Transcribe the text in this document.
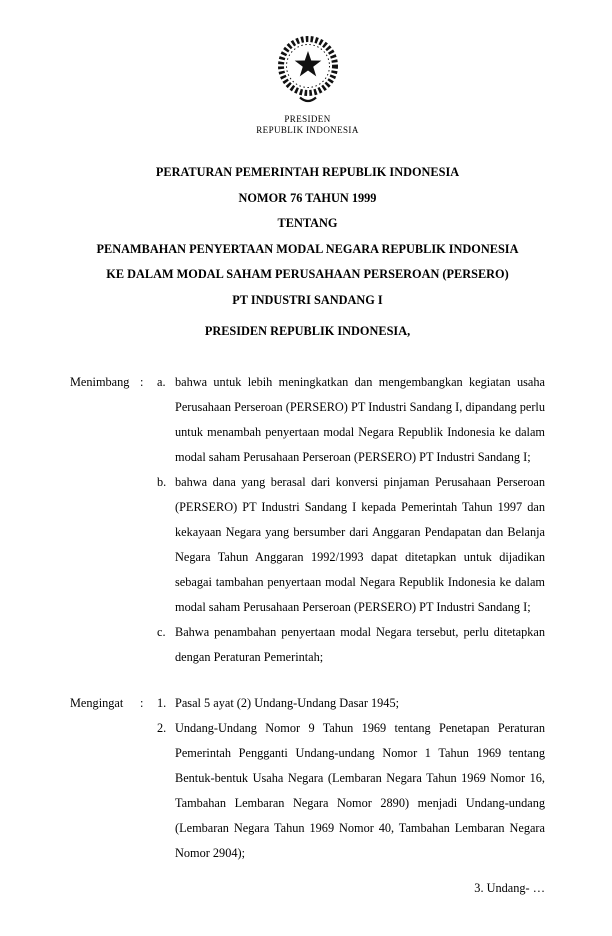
PRESIDEN
REPUBLIK INDONESIA
PERATURAN PEMERINTAH REPUBLIK INDONESIA
NOMOR 76 TAHUN 1999
TENTANG
PENAMBAHAN PENYERTAAN MODAL NEGARA REPUBLIK INDONESIA
KE DALAM MODAL SAHAM PERUSAHAAN PERSEROAN (PERSERO)
PT INDUSTRI SANDANG I
PRESIDEN REPUBLIK INDONESIA,
Menimbang :	a. bahwa untuk lebih meningkatkan dan mengembangkan kegiatan usaha Perusahaan Perseroan (PERSERO) PT Industri Sandang I, dipandang perlu untuk menambah penyertaan modal Negara Republik Indonesia ke dalam modal saham Perusahaan Perseroan (PERSERO) PT Industri Sandang I;
b. bahwa dana yang berasal dari konversi pinjaman Perusahaan Perseroan (PERSERO) PT Industri Sandang I kepada Pemerintah Tahun 1997 dan kekayaan Negara yang bersumber dari Anggaran Pendapatan dan Belanja Negara Tahun Anggaran 1992/1993 dapat ditetapkan untuk dijadikan sebagai tambahan penyertaan modal Negara Republik Indonesia ke dalam modal saham Perusahaan Perseroan (PERSERO) PT Industri Sandang I;
c. Bahwa penambahan penyertaan modal Negara tersebut, perlu ditetapkan dengan Peraturan Pemerintah;
Mengingat	:	1. Pasal 5 ayat (2) Undang-Undang Dasar 1945;
2. Undang-Undang Nomor 9 Tahun 1969 tentang Penetapan Peraturan Pemerintah Pengganti Undang-undang Nomor 1 Tahun 1969 tentang Bentuk-bentuk Usaha Negara (Lembaran Negara Tahun 1969 Nomor 16, Tambahan Lembaran Negara Nomor 2890) menjadi Undang-undang (Lembaran Negara Tahun 1969 Nomor 40, Tambahan Lembaran Negara Nomor 2904);
3. Undang- …
